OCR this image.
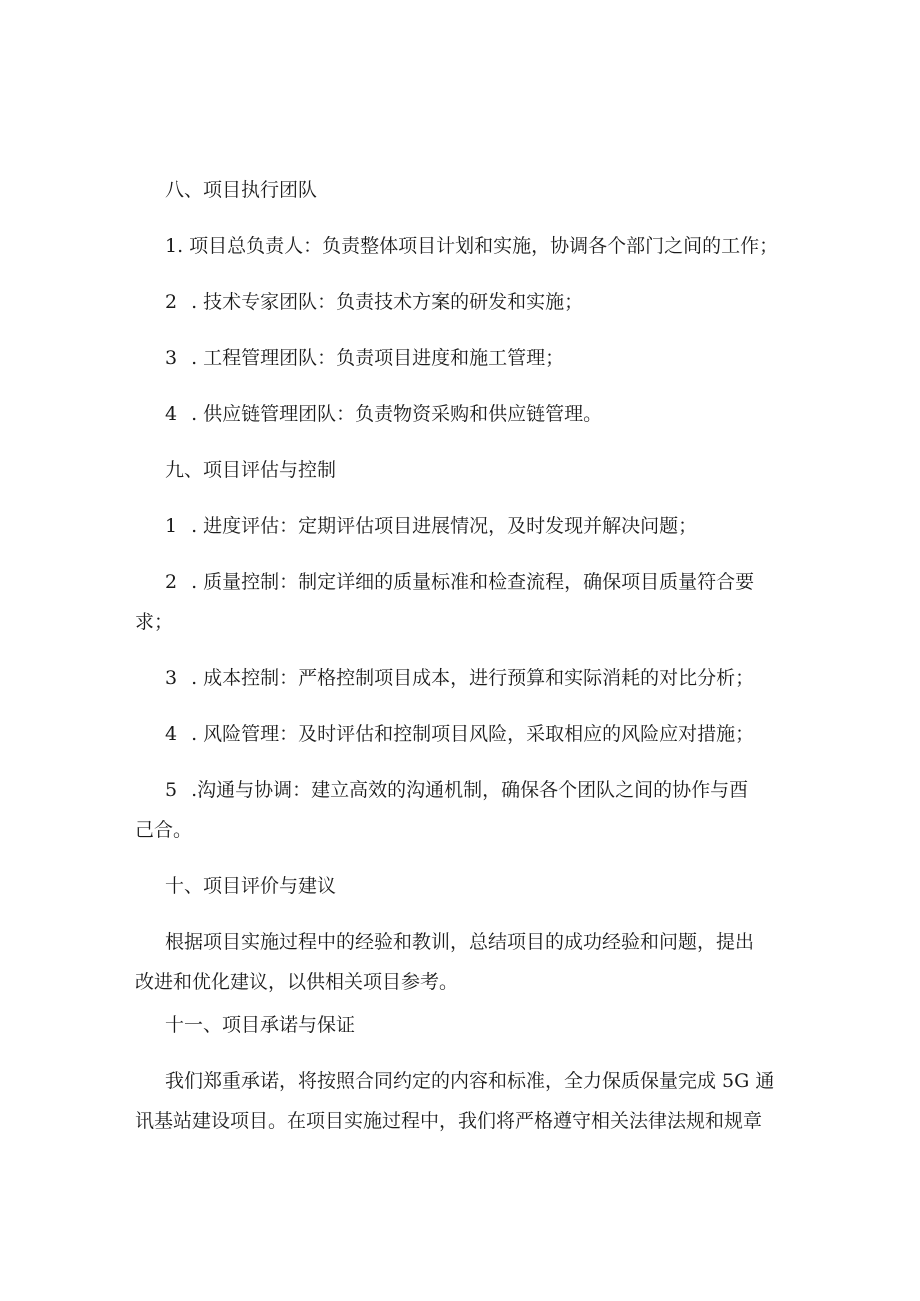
八、项目执行团队
1. 项目总负责人：负责整体项目计划和实施，协调各个部门之间的工作；
2 . 技术专家团队：负责技术方案的研发和实施；
3 . 工程管理团队：负责项目进度和施工管理；
4 . 供应链管理团队：负责物资采购和供应链管理。
九、项目评估与控制
1 . 进度评估：定期评估项目进展情况，及时发现并解决问题；
2 . 质量控制：制定详细的质量标准和检查流程，确保项目质量符合要
求；
3 . 成本控制：严格控制项目成本，进行预算和实际消耗的对比分析；
4 . 风险管理：及时评估和控制项目风险，采取相应的风险应对措施；
5 .沟通与协调：建立高效的沟通机制，确保各个团队之间的协作与酉
己合。
十、项目评价与建议
根据项目实施过程中的经验和教训，总结项目的成功经验和问题，提出
改进和优化建议，以供相关项目参考。
十一、项目承诺与保证
我们郑重承诺，将按照合同约定的内容和标准，全力保质保量完成 5G 通
讯基站建设项目。在项目实施过程中，我们将严格遵守相关法律法规和规章
